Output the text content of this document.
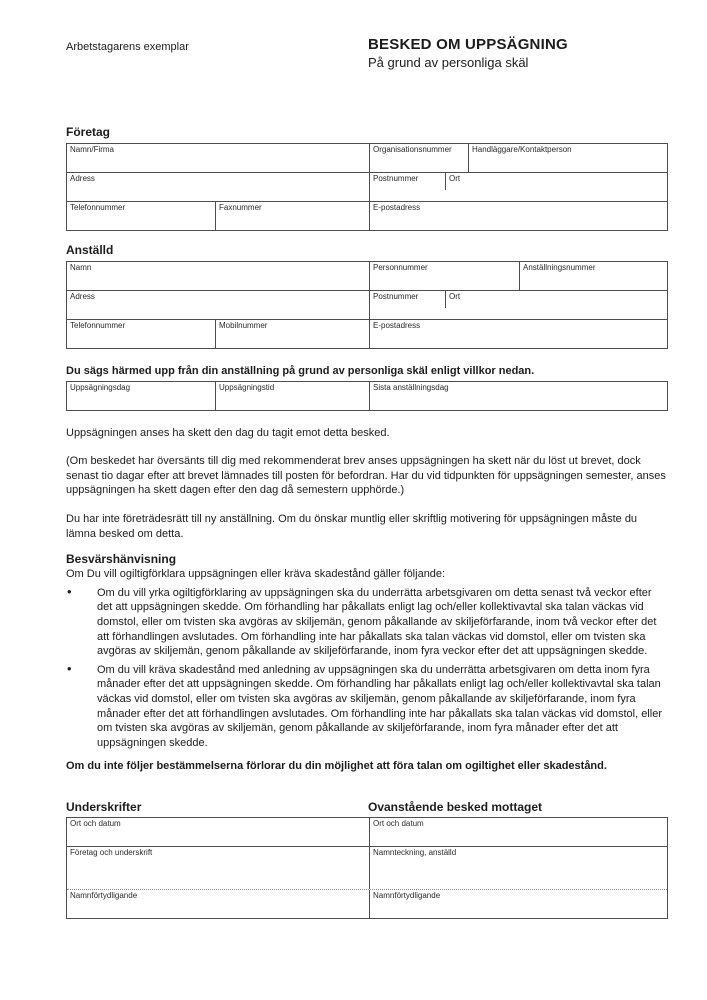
Arbetstagarens exemplar	BESKED OM UPPSÄGNING
På grund av personliga skäl
Företag
Namn/Firma	Organisationsnummer	Handläggare/Kontaktperson
Adress	Postnummer	Ort
Telefonnummer	Faxnummer	E-postadress
Anställd
Namn	Personnummer	Anställningsnummer
Adress	Postnummer	Ort
Telefonnummer	Mobilnummer	E-postadress
Du sägs härmed upp från din anställning på grund av personliga skäl enligt villkor nedan.
Uppsägningsdag	Uppsägningstid	Sista anställningsdag
Uppsägningen anses ha skett den dag du tagit emot detta besked.
(Om beskedet har översänts till dig med rekommenderat brev anses uppsägningen ha skett när du löst ut brevet, dock senast tio dagar efter att brevet lämnades till posten för befordran. Har du vid tidpunkten för uppsägningen semester, anses uppsägningen ha skett dagen efter den dag då semestern upphörde.)
Du har inte företrädesrätt till ny anställning. Om du önskar muntlig eller skriftlig motivering för uppsägningen måste du lämna besked om detta.
Besvärshänvisning
Om Du vill ogiltigförklara uppsägningen eller kräva skadestånd gäller följande:
• Om du vill yrka ogiltigförklaring av uppsägningen ska du underrätta arbetsgivaren om detta senast två veckor efter det att uppsägningen skedde. Om förhandling har påkallats enligt lag och/eller kollektivavtal ska talan väckas vid domstol, eller om tvisten ska avgöras av skiljemän, genom påkallande av skiljeförfarande, inom två veckor efter det att förhandlingen avslutades. Om förhandling inte har påkallats ska talan väckas vid domstol, eller om tvisten ska avgöras av skiljemän, genom påkallande av skiljeförfarande, inom fyra veckor efter det att uppsägningen skedde.
• Om du vill kräva skadestånd med anledning av uppsägningen ska du underrätta arbetsgivaren om detta inom fyra månader efter det att uppsägningen skedde. Om förhandling har påkallats enligt lag och/eller kollektivavtal ska talan väckas vid domstol, eller om tvisten ska avgöras av skiljemän, genom påkallande av skiljeförfarande, inom fyra månader efter det att förhandlingen avslutades. Om förhandling inte har påkallats ska talan väckas vid domstol, eller om tvisten ska avgöras av skiljemän, genom påkallande av skiljeförfarande, inom fyra månader efter det att uppsägningen skedde.
Om du inte följer bestämmelserna förlorar du din möjlighet att föra talan om ogiltighet eller skadestånd.
Underskrifter	Ovanstående besked mottaget
Ort och datum	Ort och datum
Företag och underskrift	Namnteckning, anställd
Namnförtydligande	Namnförtydligande
